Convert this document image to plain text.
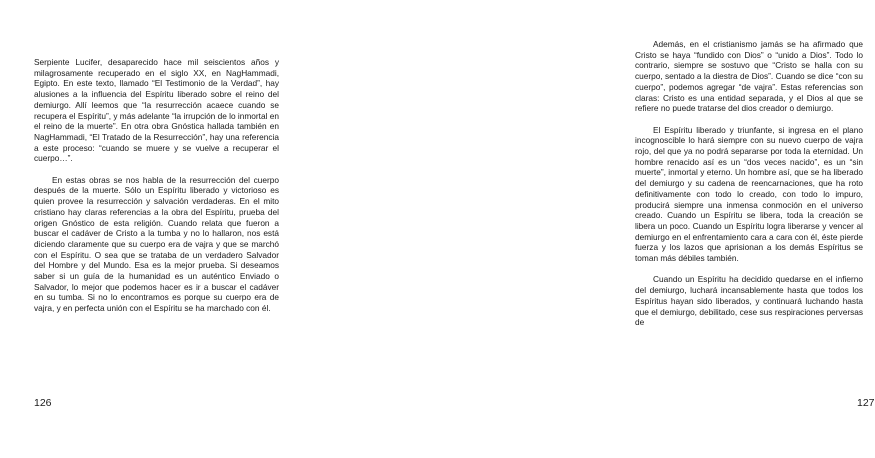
Serpiente Lucifer, desaparecido hace mil seiscientos años y milagrosamente recuperado en el siglo XX, en NagHammadi, Egipto. En este texto, llamado “El Testimonio de la Verdad”, hay alusiones a la influencia del Espíritu liberado sobre el reino del demiurgo. Allí leemos que “la resurrección acaece cuando se recupera el Espíritu”, y más adelante “la irrupción de lo inmortal en el reino de la muerte”. En otra obra Gnóstica hallada también en NagHammadi, “El Tratado de la Resurrección”, hay una referencia a este proceso: “cuando se muere y se vuelve a recuperar el cuerpo…”.

En estas obras se nos habla de la resurrección del cuerpo después de la muerte. Sólo un Espíritu liberado y victorioso es quien provee la resurrección y salvación verdaderas. En el mito cristiano hay claras referencias a la obra del Espíritu, prueba del origen Gnóstico de esta religión. Cuando relata que fueron a buscar el cadáver de Cristo a la tumba y no lo hallaron, nos está diciendo claramente que su cuerpo era de vajra y que se marchó con el Espíritu. O sea que se trataba de un verdadero Salvador del Hombre y del Mundo. Esa es la mejor prueba. Si deseamos saber si un guía de la humanidad es un auténtico Enviado o Salvador, lo mejor que podemos hacer es ir a buscar el cadáver en su tumba. Si no lo encontramos es porque su cuerpo era de vajra, y en perfecta unión con el Espíritu se ha marchado con él.

126

Además, en el cristianismo jamás se ha afirmado que Cristo se haya “fundido con Dios” o “unido a Dios”. Todo lo contrario, siempre se sostuvo que “Cristo se halla con su cuerpo, sentado a la diestra de Dios”. Cuando se dice “con su cuerpo”, podemos agregar “de vajra”. Estas referencias son claras: Cristo es una entidad separada, y el Dios al que se refiere no puede tratarse del dios creador o demiurgo.

El Espíritu liberado y triunfante, si ingresa en el plano incognoscible lo hará siempre con su nuevo cuerpo de vajra rojo, del que ya no podrá separarse por toda la eternidad. Un hombre renacido así es un “dos veces nacido”, es un “sin muerte”, inmortal y eterno. Un hombre así, que se ha liberado del demiurgo y su cadena de reencarnaciones, que ha roto definitivamente con todo lo creado, con todo lo impuro, producirá siempre una inmensa conmoción en el universo creado. Cuando un Espíritu se libera, toda la creación se libera un poco. Cuando un Espíritu logra liberarse y vencer al demiurgo en el enfrentamiento cara a cara con él, éste pierde fuerza y los lazos que aprisionan a los demás Espíritus se toman más débiles también.

Cuando un Espíritu ha decidido quedarse en el infierno del demiurgo, luchará incansablemente hasta que todos los Espíritus hayan sido liberados, y continuará luchando hasta que el demiurgo, debilitado, cese sus respiraciones perversas de

127
